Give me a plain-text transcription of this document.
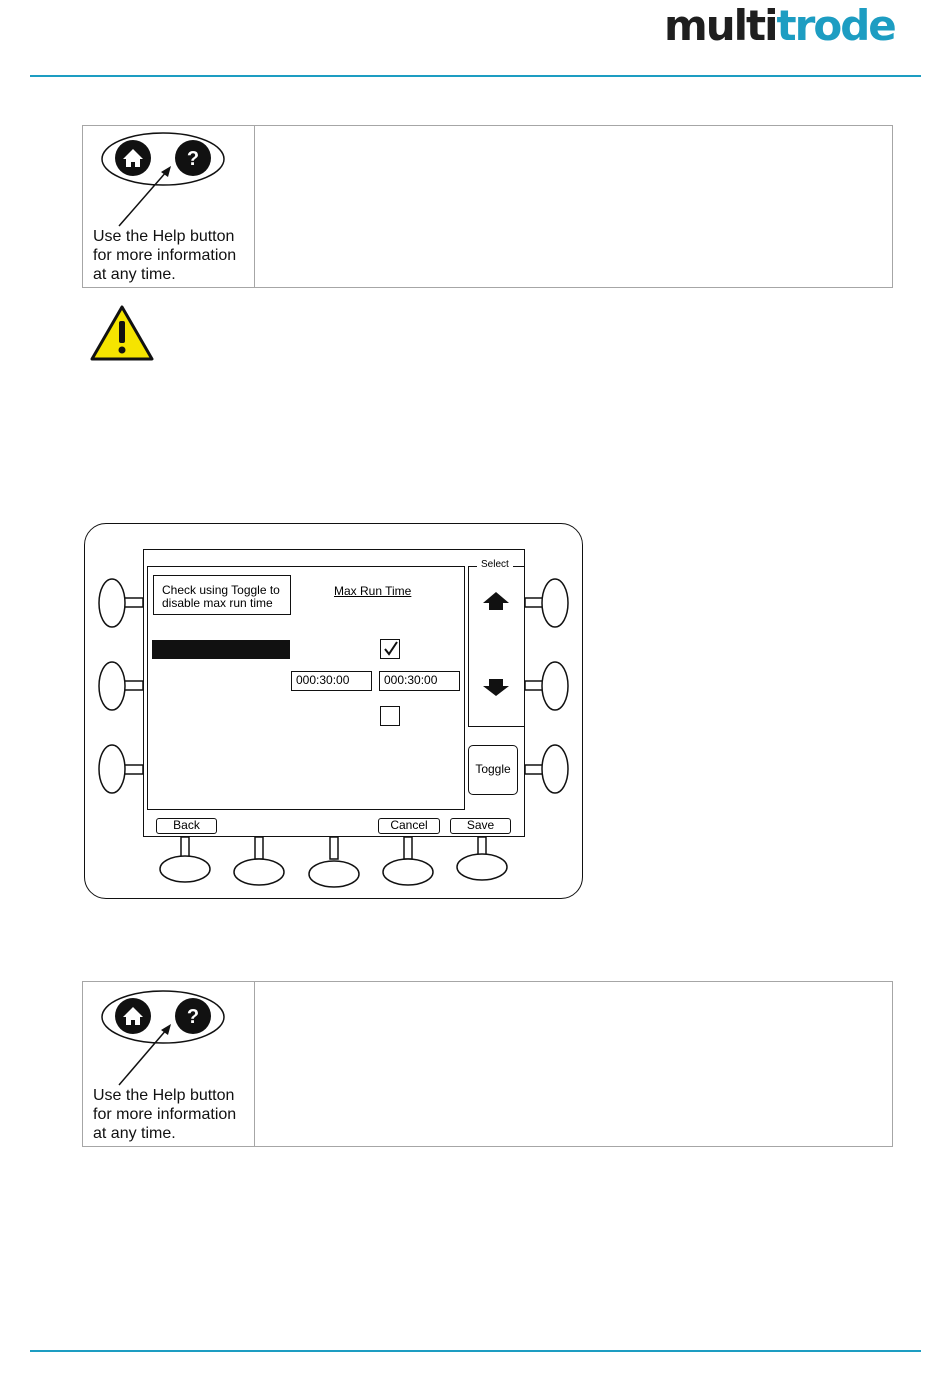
multitrode
?
Use the Help button for more information at any time.
Check using Toggle to disable max run time
Max Run Time
000:30:00	000:30:00
Select
Toggle
Back	Cancel	Save
?
Use the Help button for more information at any time.
